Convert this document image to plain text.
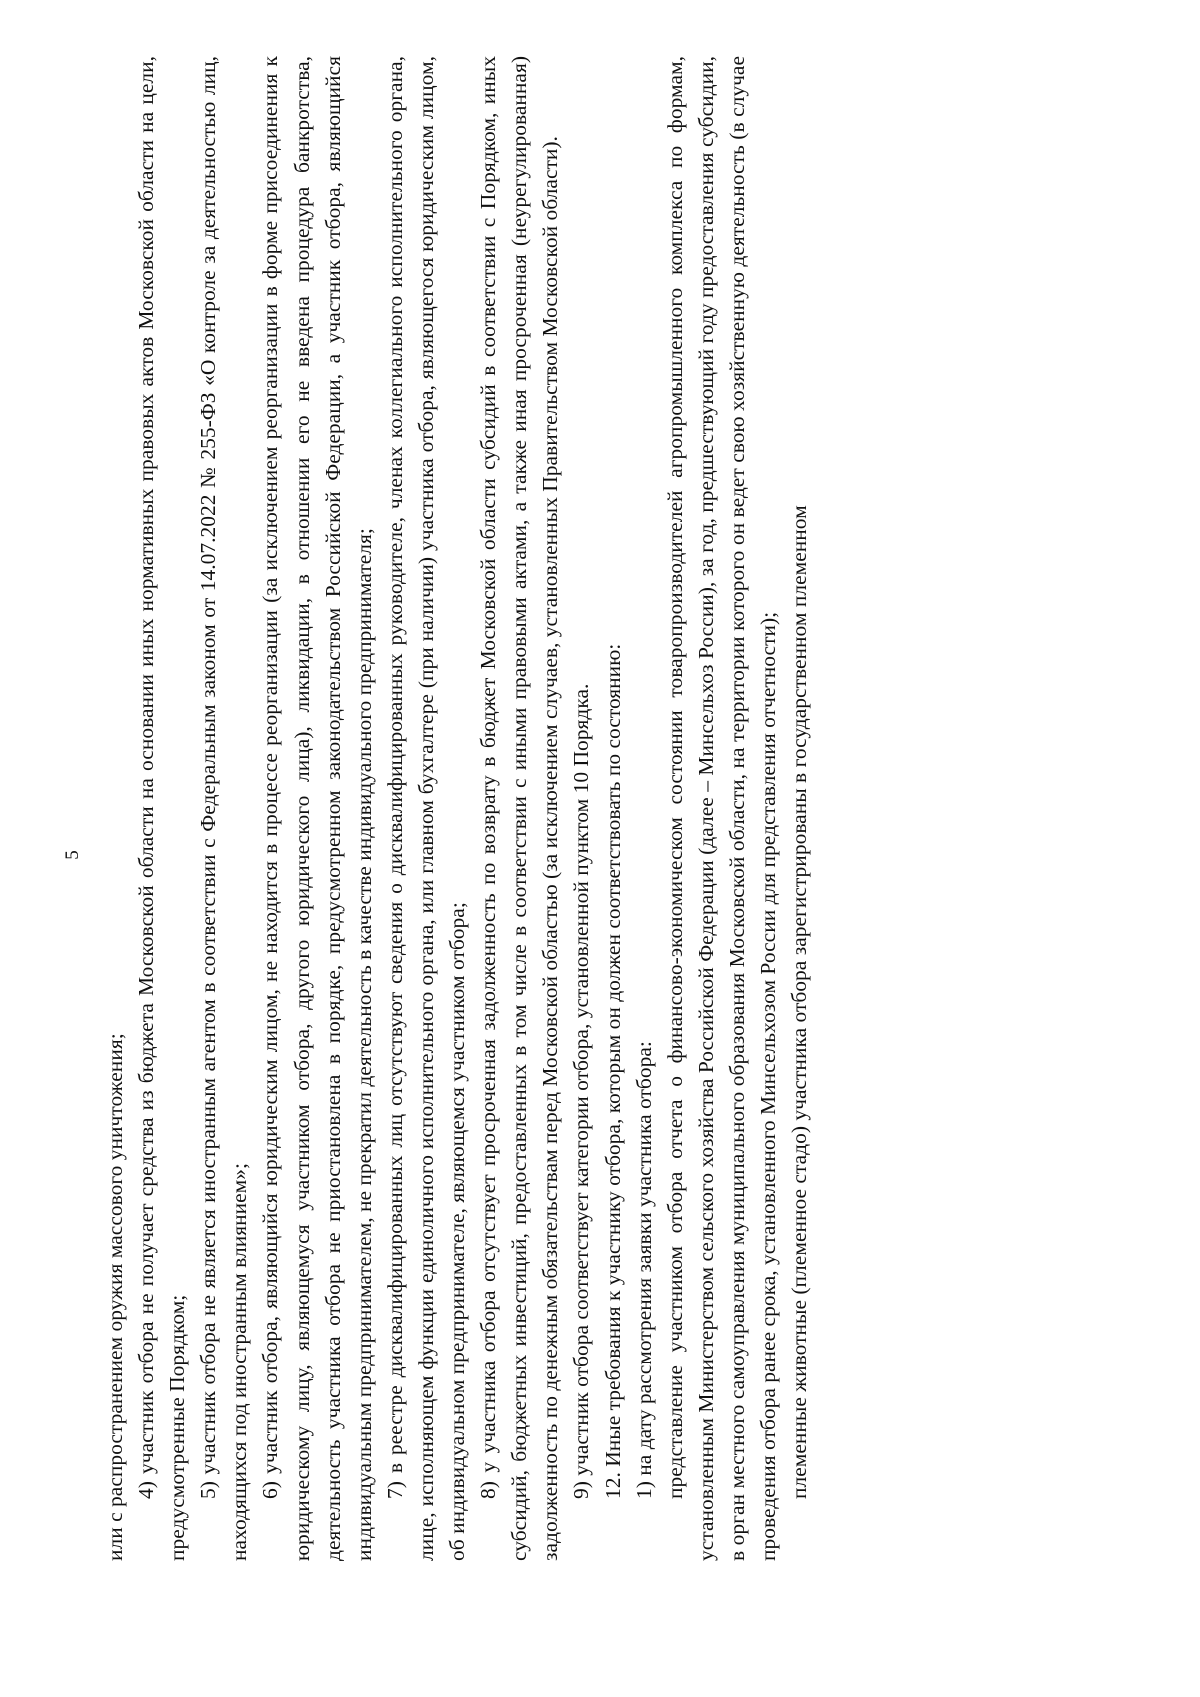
5

или с распространением оружия массового уничтожения; 4) участник отбора не получает средства из бюджета Московской области на основании иных нормативных правовых актов Московской области на цели, предусмотренные Порядком; 5) участник отбора не является иностранным агентом в соответствии с Федеральным законом от 14.07.2022 № 255-ФЗ «О контроле за деятельностью лиц, находящихся под иностранным влиянием»; 6) участник отбора, являющийся юридическим лицом, не находится в процессе реорганизации (за исключением реорганизации в форме присоединения к юридическому лицу, являющемуся участником отбора, другого юридического лица), ликвидации, в отношении его не введена процедура банкротства, деятельность участника отбора не приостановлена в порядке, предусмотренном законодательством Российской Федерации, а участник отбора, являющийся индивидуальным предпринимателем, не прекратил деятельность в качестве индивидуального предпринимателя; 7) в реестре дисквалифицированных лиц отсутствуют сведения о дисквалифицированных руководителе, членах коллегиального исполнительного органа, лице, исполняющем функции единоличного исполнительного органа, или главном бухгалтере (при наличии) участника отбора, являющегося юридическим лицом, об индивидуальном предпринимателе, являющемся участником отбора; 8) у участника отбора отсутствует просроченная задолженность по возврату в бюджет Московской области субсидий в соответствии с Порядком, иных субсидий, бюджетных инвестиций, предоставленных в том числе в соответствии с иными правовыми актами, а также иная просроченная (неурегулированная) задолженность по денежным обязательствам перед Московской областью (за исключением случаев, установленных Правительством Московской области). 9) участник отбора соответствует категории отбора, установленной пунктом 10 Порядка. 12. Иные требования к участнику отбора, которым он должен соответствовать по состоянию: 1) на дату рассмотрения заявки участника отбора: представление участником отбора отчета о финансово-экономическом состоянии товаропроизводителей агропромышленного комплекса по формам, установленным Министерством сельского хозяйства Российской Федерации (далее – Минсельхоз России), за год, предшествующий году предоставления субсидии, в орган местного самоуправления муниципального образования Московской области, на территории которого он ведет свою хозяйственную деятельность (в случае проведения отбора ранее срока, установленного Минсельхозом России для представления отчетности); племенные животные (племенное стадо) участника отбора зарегистрированы в государственном племенном
